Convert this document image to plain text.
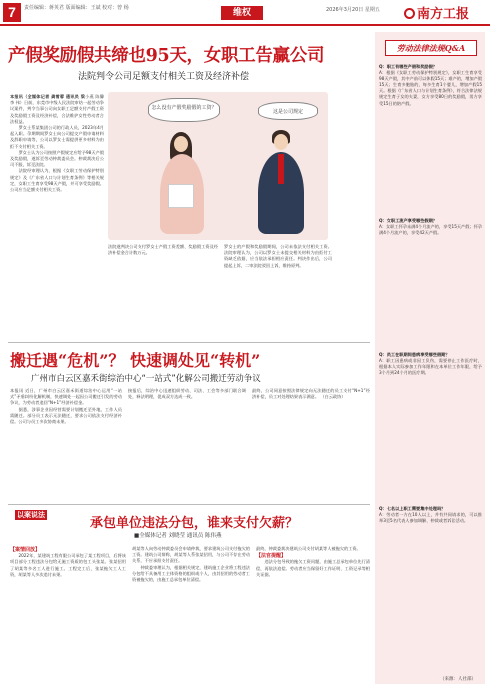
7	责任编辑：蒋英君 版面编辑：王斌 校对：曾 杨	维权	2026年3月20日 星期五	南方工报
产假奖励假共缔也95天，女职工告赢公司
法院判令公司足额支付相关工资及经济补偿
本报讯（全媒体记者 龚雪蓉 通讯员 梁小燕 陈馨 李 伟）日前，东莞市中级人民法院审结一起劳动争议案件，判令当事公司向女职工足额支付产假工资及奖励假工资及经济补偿，合法维护女性劳动者合法权益。
　　罗女士系某集团公司的行政人员，2023年4月起入职。孕期期间罗女士向公司提交产假申请材料及辞职申请等，公司以罗女士需提供更多材料为由拒不支付相关工资。
　　罗女士认为公司按照产假规定应给予98天产假及奖励假，遂诉至劳动仲裁委员会。仲裁裁决后公司不服，诉至法院。
　　法院经审理认为，根据《女职工劳动保护特别规定》及《广东省人口与计划生育条例》等相关规定，女职工生育享受98天产假，并可享受奖励假。公司应当足额支付相关工资。
怎么没有产假奖励假的工资？
这是公司规定
法院遂判决公司支付罗女士产假工资差额、奖励假工资及经济补偿金合计数万元。
罗女士的产假和奖励假期间，公司未依法支付相关工资。法院审理认为，公司以罗女士未提交相关材料为由拒付工资缺乏依据，应当依法承担相应责任。判决作出后，公司提起上诉，二审法院驳回上诉，维持原判。
搬迁遇“危机”？ 快速调处见“转机”
广州市白云区嘉禾街综治中心“一站式”化解公司搬迁劳动争议
本报讯 近日，广州市白云区嘉禾街道综治中心运用“一站式”矛盾纠纷化解机制，快速调处一起因公司搬迁引发的劳动争议，为劳动者追回“N+1”经济补偿金。
　　据悉，涉事企业因经营需要计划搬迁至外地，工作人员需随迁。部分员工表示无法随迁，要求公司依法支付经济补偿。公司与员工多次协商未果。
接报后，综治中心迅速组织劳动、司法、工会等多部门联合调处，释法明理，促成双方达成一致。
最终，公司同意按照法律规定向无法随迁的员工支付“N+1”经济补偿，员工对处理结果表示满意。 （白云政协）
以案说法
承包单位违法分包，谁来支付欠薪？
■全媒体记者 刘晓莹 通讯员 陈伟燕
【案情回放】
　　2022年，某建筑工程有限公司承包了某工程项目，后将该项目部分工程违法分包给无施工资质的包工头张某。张某招用了胡某等多名工人进行施工。工程完工后，张某拖欠工人工资，胡某等人多次追讨未果。
胡某等人向劳动仲裁委员会申请仲裁，要求建筑公司支付拖欠的工资。建筑公司辩称，胡某等人系张某招用，与公司不存在劳动关系，不应承担支付责任。
　　仲裁委审理认为，根据相关规定，建筑施工企业将工程违法分包给不具备用工主体资格的组织或个人，由其招用的劳动者工资被拖欠的，由施工总承包单位清偿。
最终，仲裁委裁决建筑公司支付胡某等人被拖欠的工资。
【法官提醒】
　　违法分包导致的拖欠工资问题，由施工总承包单位先行清偿，再依法追偿。劳动者应当保留好工作证明、工资记录等相关证据。
劳动法律法规Q&A
Q：职工有哪些产假和奖励假？
A：根据《女职工劳动保护特别规定》，女职工生育享受98天产假，其中产前可以休假15天；难产的，增加产假15天；生育多胞胎的，每多生育1个婴儿，增加产假15天。根据《广东省人口与计划生育条例》，符合法律法规规定生育子女的夫妻，女方享受80日的奖励假，男方享受15日的陪产假。
Q：女职工流产享受哪些假期？
A：女职工怀孕未满4个月流产的，享受15天产假；怀孕满4个月流产的，享受42天产假。
Q：员工在职期间患病享受哪些假期？
A：职工因患病或非因工负伤，需要停止工作医疗时，根据本人实际参加工作年限和在本单位工作年限，给予3个月到24个月的医疗期。
Q：七名以上职工需要集中处理吗？
A：劳动者一方在10人以上，并有共同请求的，可以推举3至5名代表人参加调解、仲裁或者诉讼活动。
（来源：人社部）
